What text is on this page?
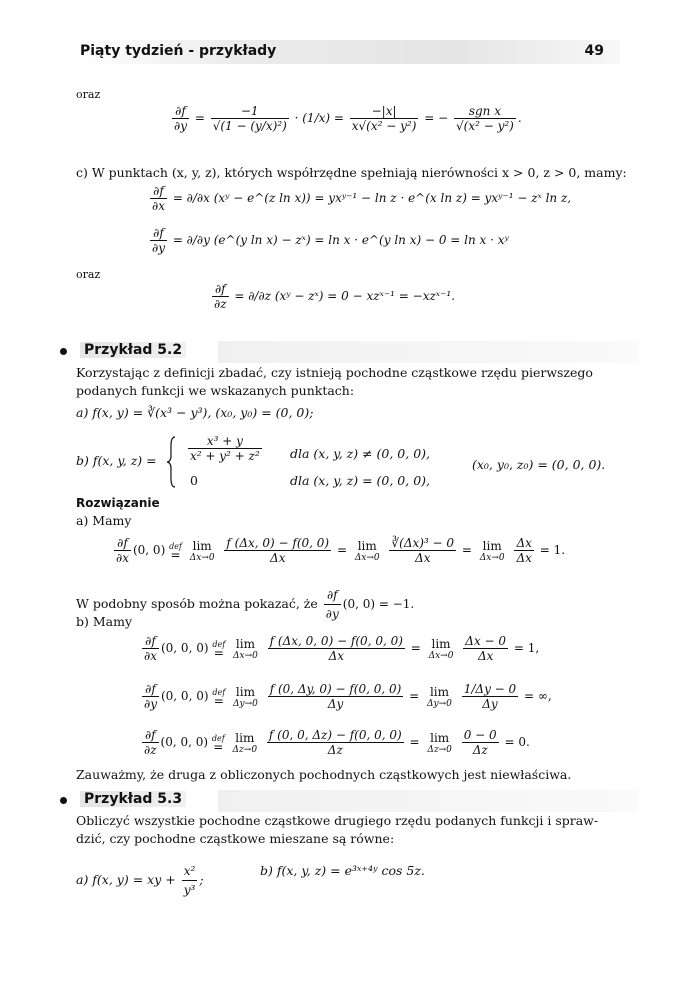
Piąty tydzień - przykłady	49
oraz
$\frac{\partial f}{\partial y} = \frac{-1}{\text{√(1 − (y/x)²)}} \cdot (1/x) = \frac{-|x|}{\text{x√(x² − y²)}}$ = − $\frac{\text{sgn x}}{\text{√(x² − y²)}}$ .
c) W punktach (x, y, z), których współrzędne spełniają nierówności x > 0, z > 0, mamy:
$\frac{\partial f}{\partial x} = \partial/\partial x$ (xʸ − e^(z ln x)) = yxʸ⁻¹ − ln z · e^(x ln z) = yxʸ⁻¹ − zˣ ln z,
$\frac{\partial f}{\partial y} = \partial/\partial y$ (e^(y ln x) − zˣ) = ln x · e^(y ln x) − 0 = ln x · xʸ
oraz
$\frac{\partial f}{\partial z} = \partial/\partial z$ (xʸ − zˣ) = 0 − xzˣ⁻¹ = −xzˣ⁻¹.
Przykład 5.2
Korzystając z definicji zbadać, czy istnieją pochodne cząstkowe rzędu pierwszego
podanych funkcji we wskazanych punktach:
a) f(x, y) = ∛(x³ − y³), (x₀, y₀) = (0, 0);
b) f(x, y, z) =	$\frac{\text{x³ + y}}{\text{x² + y² + z²}}$ dla (x, y, z) ≠ (0, 0, 0),
0	dla (x, y, z) = (0, 0, 0),
(x₀, y₀, z₀) = (0, 0, 0).
Rozwiązanie
a) Mamy
$\frac{\partial f}{\partial x} (0$, 0) def
=

lim
Δx→0
$\frac{f (\Delta x, 0) - f(0, 0)}{\Delta x} = \lim$
Δx→0
$\frac{\text{∛(Δx)³ − 0}}{\Delta x} = \lim$
Δx→0
$\frac{\Delta x}{\Delta x} = 1$.
W podobny sposób można pokazać, że $\frac{\partial f}{\partial y} (0$, 0) = −1.
b) Mamy
$\frac{\partial f}{\partial x} (0$, 0, 0) def
=

lim
Δx→0
$\frac{f (\Delta x, 0, 0) - f(0, 0, 0)}{\Delta x} = \lim$
Δx→0
$\frac{\Delta x - 0}{\Delta x} = 1$,
$\frac{\partial f}{\partial y} (0$, 0, 0) def
=

lim
Δy→0
$\frac{f (0, \Delta y, 0) - f(0, 0, 0)}{\Delta y} = \lim$
Δy→0
$\frac{1/\Delta y - 0}{\Delta y}$ = ∞,
$\frac{\partial f}{\partial z} (0$, 0, 0) def
=

lim
Δz→0
$\frac{f (0, 0, \Delta z) - f(0, 0, 0)}{\Delta z} = \lim$
Δz→0
$\frac{0 - 0}{\Delta z} = 0$.
Zauważmy, że druga z obliczonych pochodnych cząstkowych jest niewłaściwa.
Przykład 5.3
Obliczyć wszystkie pochodne cząstkowe drugiego rzędu podanych funkcji i spraw-
dzić, czy pochodne cząstkowe mieszane są równe:
a) f(x, y) = xy + $\frac{\text{x²}}{\text{y³}}$ ;
b) f(x, y, z) = e³ˣ⁺⁴ʸ cos 5z.
